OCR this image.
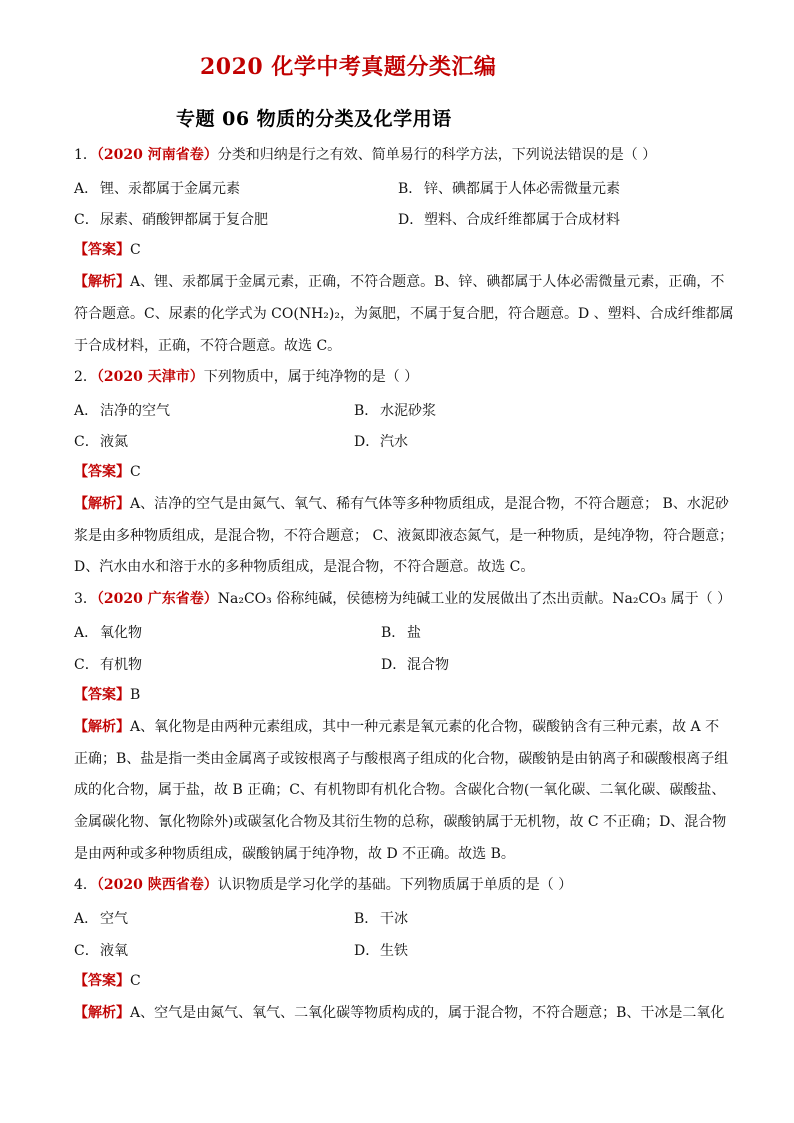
2020 化学中考真题分类汇编
专题 06 物质的分类及化学用语
1．（2020 河南省卷）分类和归纳是行之有效、简单易行的科学方法，下列说法错误的是（ ）
A． 锂、汞都属于金属元素	B． 锌、碘都属于人体必需微量元素
C．尿素、硝酸钾都属于复合肥	D．塑料、合成纤维都属于合成材料
【答案】C
【解析】A、锂、汞都属于金属元素，正确，不符合题意。B、锌、碘都属于人体必需微量元素，正确，不
符合题意。C、尿素的化学式为 CO(NH₂)₂，为氮肥，不属于复合肥，符合题意。D 、塑料、合成纤维都属
于合成材料，正确，不符合题意。故选 C。
2．（2020 天津市）下列物质中，属于纯净物的是（ ）
A． 洁净的空气	B． 水泥砂浆
C．液氮	D．汽水
【答案】C
【解析】A、洁净的空气是由氮气、氧气、稀有气体等多种物质组成，是混合物，不符合题意； B、水泥砂
浆是由多种物质组成，是混合物，不符合题意； C、液氮即液态氮气，是一种物质，是纯净物，符合题意；
D、汽水由水和溶于水的多种物质组成，是混合物，不符合题意。故选 C。
3．（2020 广东省卷）Na₂CO₃ 俗称纯碱，侯德榜为纯碱工业的发展做出了杰出贡献。Na₂CO₃ 属于（ ）
A． 氧化物	B． 盐
C．有机物	D．混合物
【答案】B
【解析】A、氧化物是由两种元素组成，其中一种元素是氧元素的化合物，碳酸钠含有三种元素，故 A 不
正确；B、盐是指一类由金属离子或铵根离子与酸根离子组成的化合物，碳酸钠是由钠离子和碳酸根离子组
成的化合物，属于盐，故 B 正确；C、有机物即有机化合物。含碳化合物(一氧化碳、二氧化碳、碳酸盐、
金属碳化物、氰化物除外)或碳氢化合物及其衍生物的总称，碳酸钠属于无机物，故 C 不正确；D、混合物
是由两种或多种物质组成，碳酸钠属于纯净物，故 D 不正确。故选 B。
4．（2020 陕西省卷）认识物质是学习化学的基础。下列物质属于单质的是（ ）
A． 空气	B． 干冰
C．液氧	D．生铁
【答案】C
【解析】A、空气是由氮气、氧气、二氧化碳等物质构成的，属于混合物，不符合题意；B、干冰是二氧化
